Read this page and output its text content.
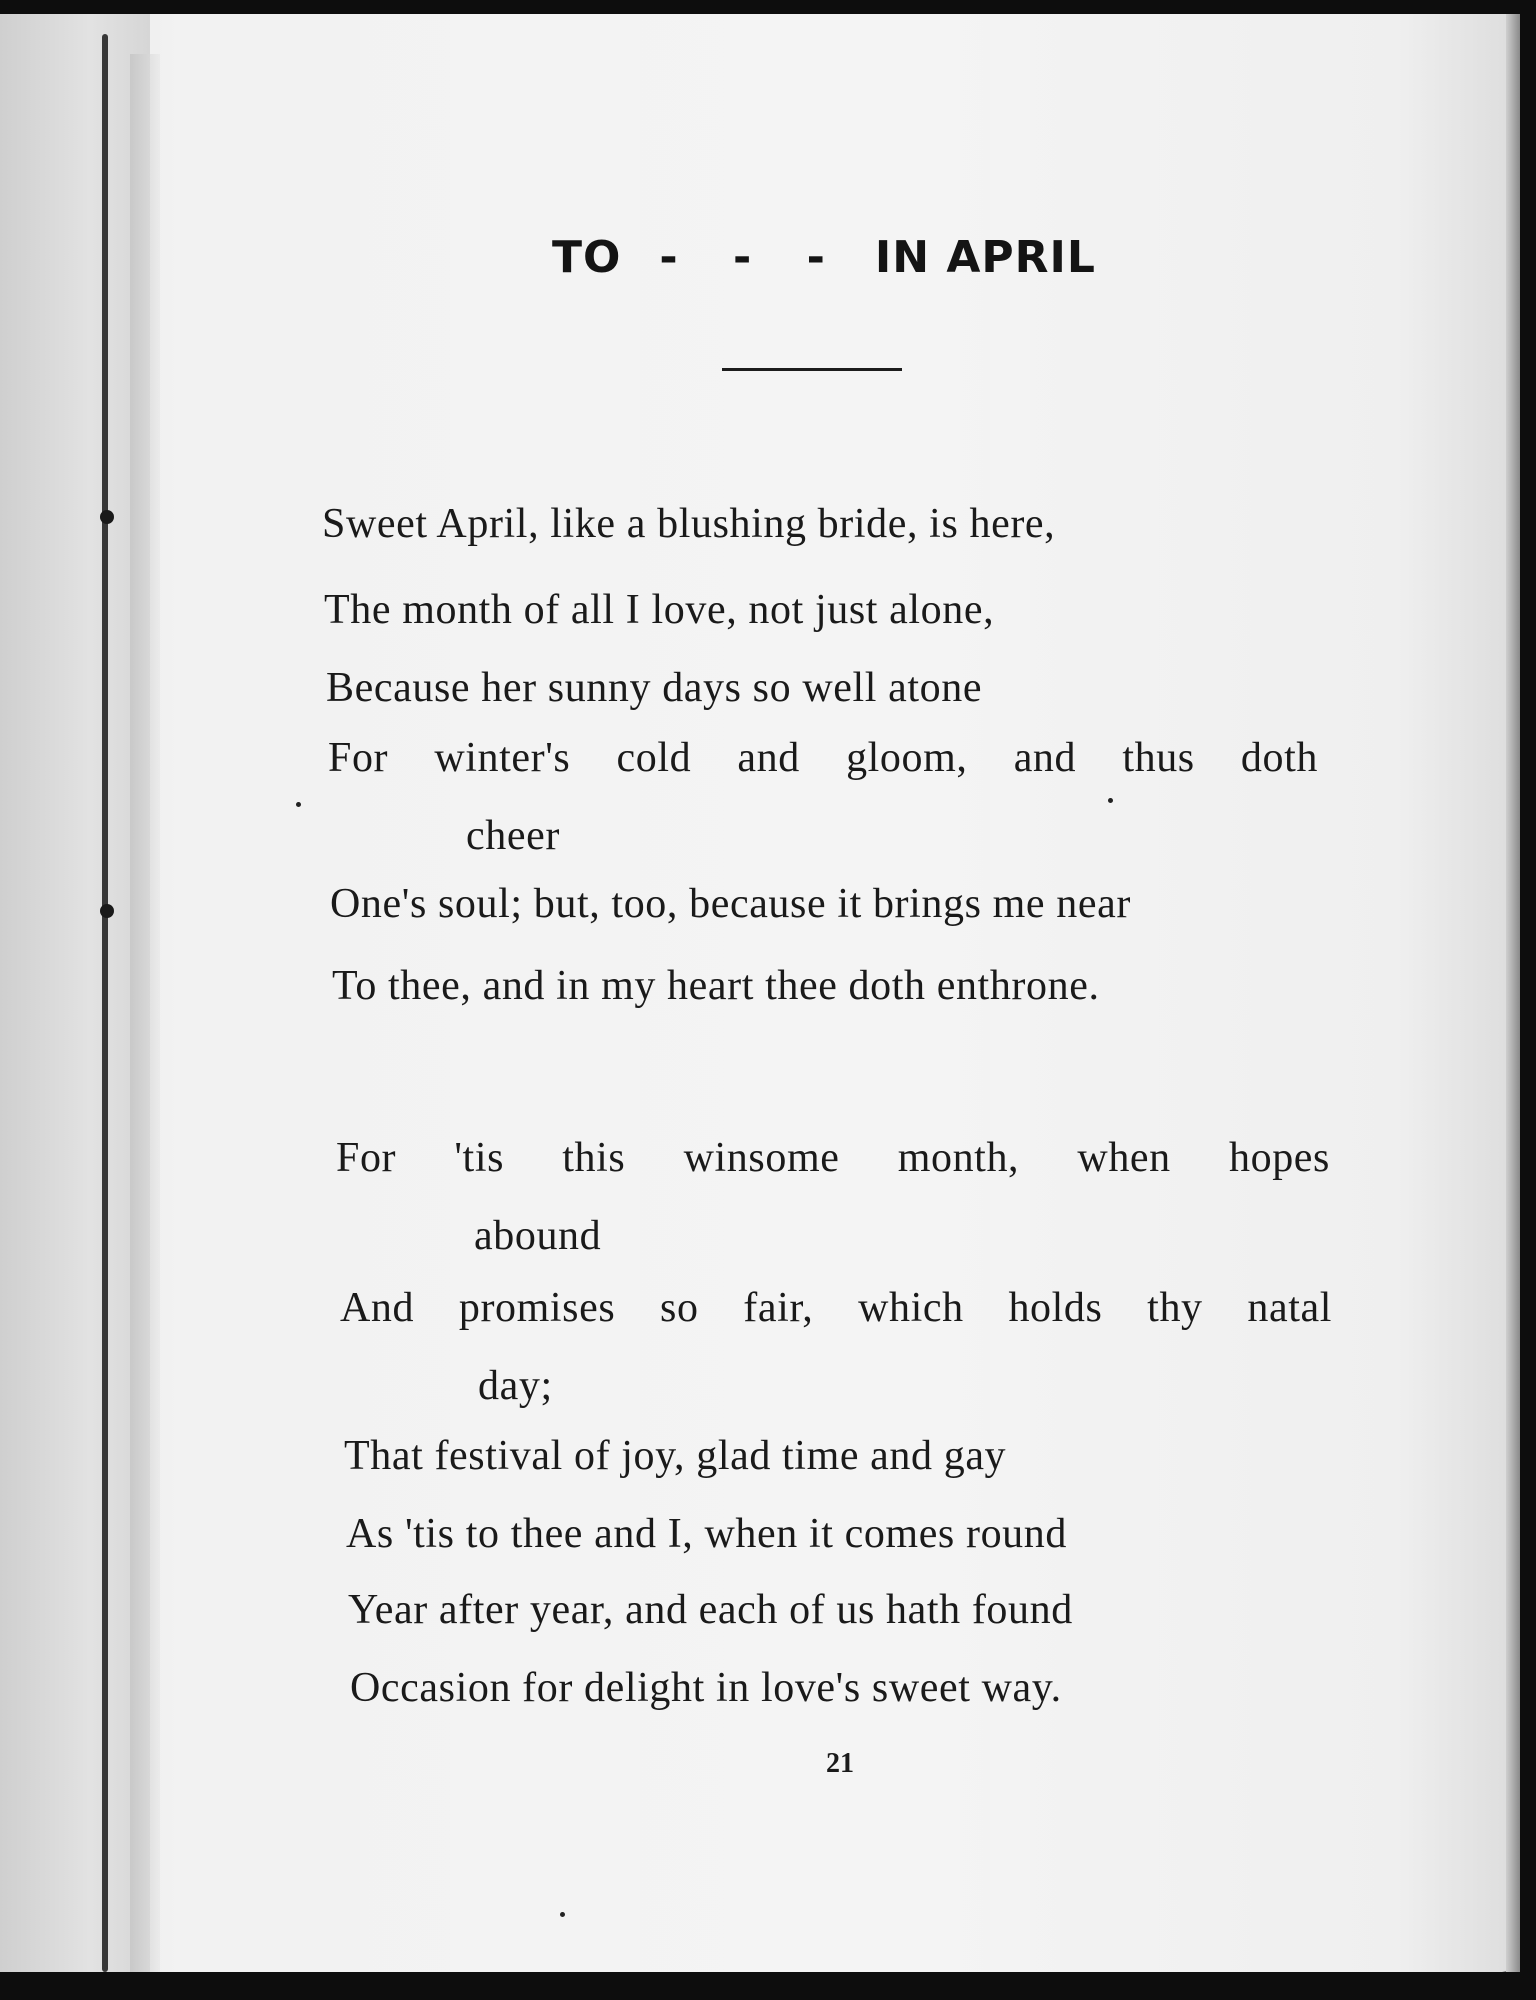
TO - - - IN APRIL
Sweet April, like a blushing bride, is here,
The month of all I love, not just alone,
Because her sunny days so well atone
For winter's cold and gloom, and thus doth
cheer
One's soul; but, too, because it brings me near
To thee, and in my heart thee doth enthrone.
For 'tis this winsome month, when hopes
abound
And promises so fair, which holds thy natal
day;
That festival of joy, glad time and gay
As 'tis to thee and I, when it comes round
Year after year, and each of us hath found
Occasion for delight in love's sweet way.
21
